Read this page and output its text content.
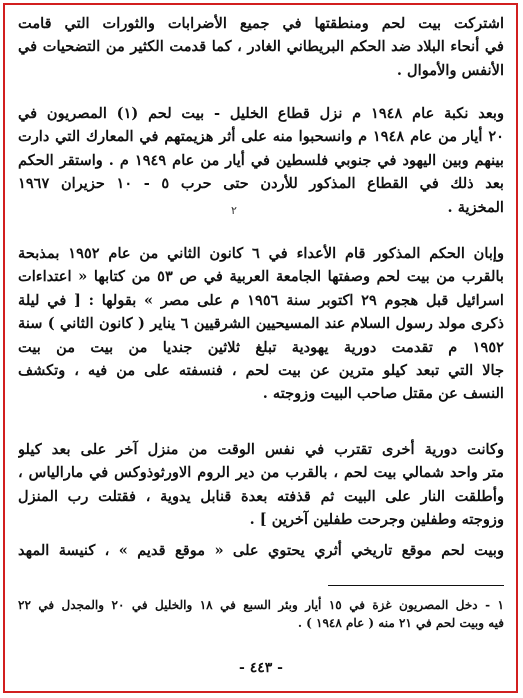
اشتركت بيت لحم ومنطقتها في جميع الأضرابات والثورات التي قامت
في أنحاء البلاد ضد الحكم البريطاني الغادر ، كما قدمت الكثير من التضحيات في
الأنفس والأموال .
وبعد نكبة عام ١٩٤٨ م نزل قطاع الخليل - بيت لحم (١) المصريون في
٢٠ أيار من عام ١٩٤٨ م وانسحبوا منه على أثر هزيمتهم في المعارك التي دارت
بينهم وبين اليهود في جنوبي فلسطين في أيار من عام ١٩٤٩ م . واستقر الحكم
بعد ذلك في القطاع المذكور للأردن حتى حرب ٥ - ١٠ حزيران ١٩٦٧
المخزية .
٢
وإبان الحكم المذكور قام الأعداء في ٦ كانون الثاني من عام ١٩٥٢ بمذبحة
بالقرب من بيت لحم وصفتها الجامعة العربية في ص ٥٣ من كتابها « اعتداءات
اسرائيل قبل هجوم ٢٩ اكتوبر سنة ١٩٥٦ م على مصر » بقولها : [ في ليلة
ذكرى مولد رسول السلام عند المسيحيين الشرقيين ٦ يناير ( كانون الثاني ) سنة
١٩٥٢ م تقدمت دورية يهودية تبلغ ثلاثين جنديا من بيت من بيت
جالا التي تبعد كيلو مترين عن بيت لحم ، فنسفته على من فيه ، وتكشف
النسف عن مقتل صاحب البيت وزوجته .
وكانت دورية أخرى تقترب في نفس الوقت من منزل آخر على بعد كيلو
متر واحد شمالي بيت لحم ، بالقرب من دير الروم الاورثوذوكس في مارالياس ،
وأطلقت النار على البيت ثم قذفته بعدة قنابل يدوية ، فقتلت رب المنزل
وزوجته وطفلين وجرحت طفلين آخرين ] .
وبيت لحم موقع تاريخي أثري يحتوي على « موقع قديم » ، كنيسة المهد
١ - دخل المصريون غزة في ١٥ أيار وبئر السبع في ١٨ والخليل في ٢٠ والمجدل في ٢٢
فيه وبيت لحم في ٢١ منه ( عام ١٩٤٨ ) .
- ٤٤٣ -
